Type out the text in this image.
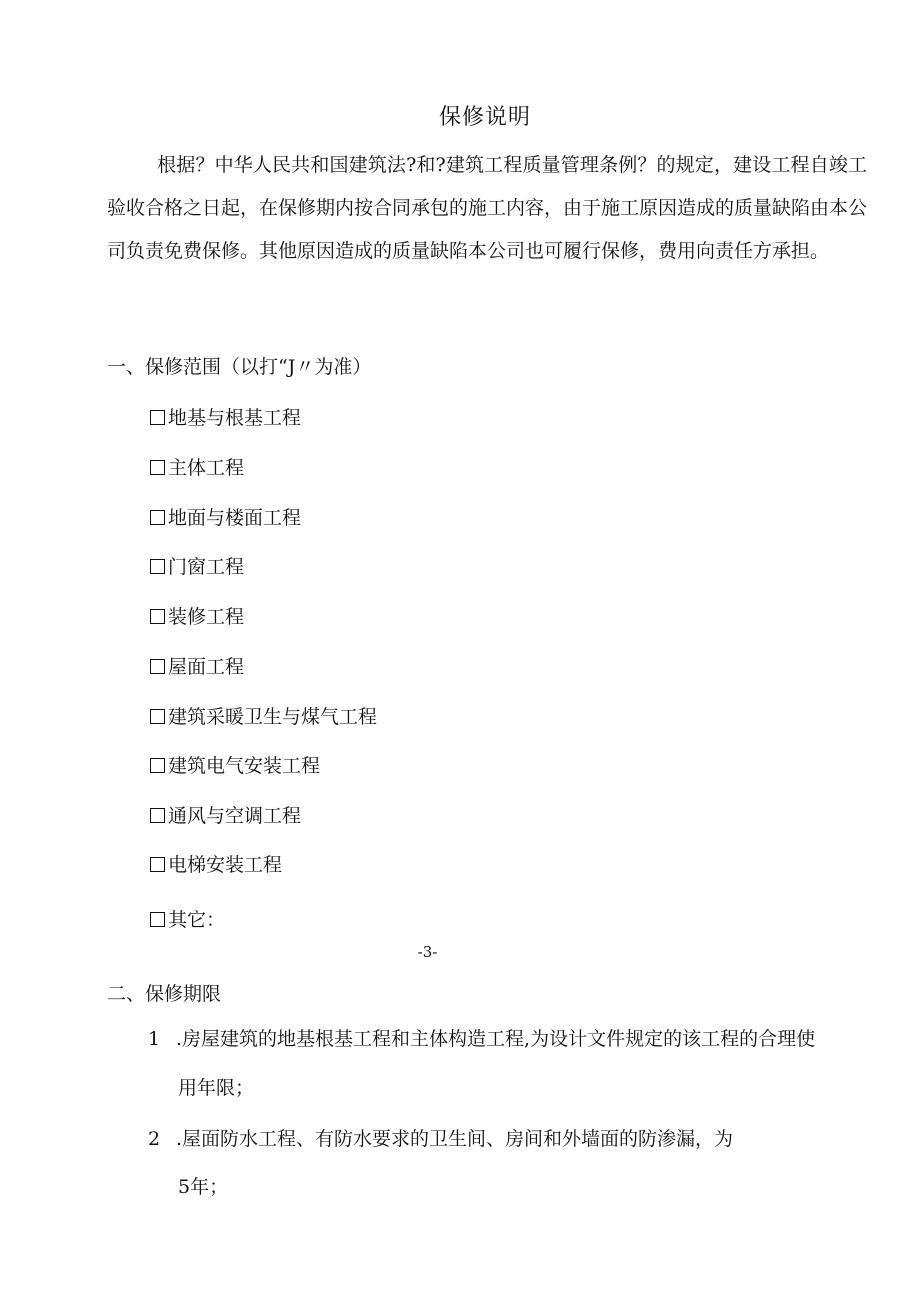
保修说明
根据？中华人民共和国建筑法?和?建筑工程质量管理条例？的规定，建设工程自竣工验收合格之日起，在保修期内按合同承包的施工内容，由于施工原因造成的质量缺陷由本公司负责免费保修。其他原因造成的质量缺陷本公司也可履行保修，费用向责任方承担。
一、保修范围（以打“J〃为准）
地基与根基工程
主体工程
地面与楼面工程
门窗工程
装修工程
屋面工程
建筑采暖卫生与煤气工程
建筑电气安装工程
通风与空调工程
电梯安装工程
其它：
-3-
二、保修期限
1 .房屋建筑的地基根基工程和主体构造工程,为设计文件规定的该工程的合理使
用年限；
2 .屋面防水工程、有防水要求的卫生间、房间和外墙面的防渗漏，为
5年；
